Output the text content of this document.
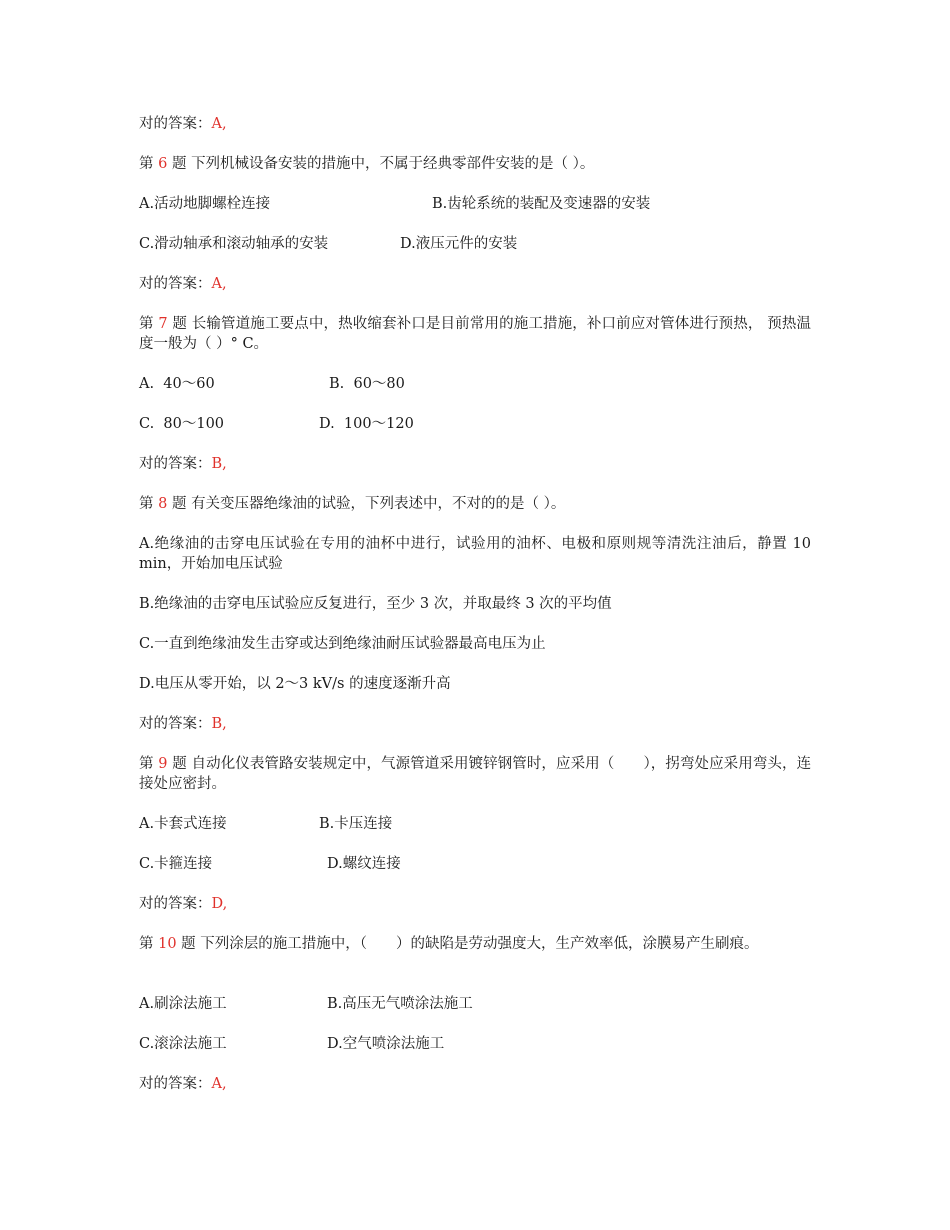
对的答案：A,
第 6 题 下列机械设备安装的措施中，不属于经典零部件安装的是（ ）。
A.活动地脚螺栓连接	B.齿轮系统的装配及变速器的安装
C.滑动轴承和滚动轴承的安装	D.液压元件的安装
对的答案：A,
第 7 题 长输管道施工要点中，热收缩套补口是目前常用的施工措施，补口前应对管体进行预热， 预热温度一般为（ ）° C。
A.  40～60	B.  60～80
C.  80～100	D.  100～120
对的答案：B,
第 8 题 有关变压器绝缘油的试验，下列表述中，不对的的是（ ）。
A.绝缘油的击穿电压试验在专用的油杯中进行，试验用的油杯、电极和原则规等清洗注油后，静置 10 min，开始加电压试验
B.绝缘油的击穿电压试验应反复进行，至少 3 次，并取最终 3 次的平均值
C.一直到绝缘油发生击穿或达到绝缘油耐压试验器最高电压为止
D.电压从零开始，以 2～3 kV/s 的速度逐渐升高
对的答案：B,
第 9 题 自动化仪表管路安装规定中，气源管道采用镀锌钢管时，应采用（　　），拐弯处应采用弯头，连接处应密封。
A.卡套式连接	B.卡压连接
C.卡箍连接	D.螺纹连接
对的答案：D,
第 10 题 下列涂层的施工措施中，（　　）的缺陷是劳动强度大，生产效率低，涂膜易产生刷痕。
A.刷涂法施工	B.高压无气喷涂法施工
C.滚涂法施工	D.空气喷涂法施工
对的答案：A,
